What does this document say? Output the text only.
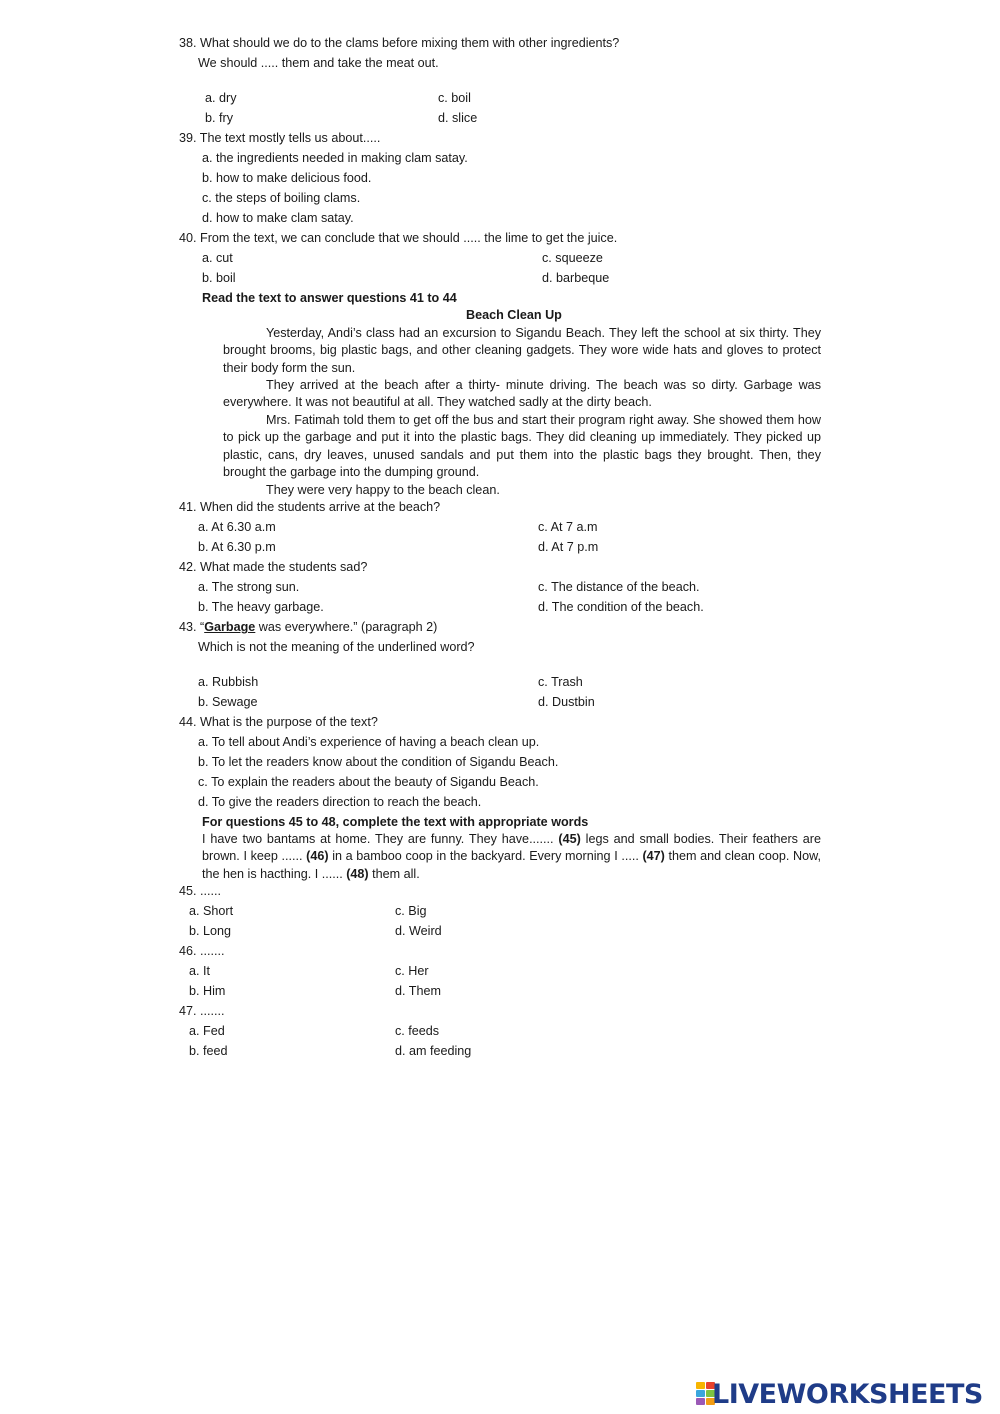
38. What should we do to the clams before mixing them with other ingredients?
We should ..... them and take the meat out.
a. dry	c. boil
b. fry	d. slice
39. The text mostly tells us about.....
a. the ingredients needed in making clam satay.
b. how to make delicious food.
c. the steps of boiling clams.
d. how to make clam satay.
40. From the text, we can conclude that we should ..... the lime to get the juice.
a. cut	c. squeeze
b. boil	d. barbeque
Read the text to answer questions 41 to 44
Beach Clean Up
Yesterday, Andi’s class had an excursion to Sigandu Beach. They left the school at six thirty. They brought brooms, big plastic bags, and other cleaning gadgets. They wore wide hats and gloves to protect their body form the sun.
They arrived at the beach after a thirty- minute driving. The beach was so dirty. Garbage was everywhere. It was not beautiful at all. They watched sadly at the dirty beach.
Mrs. Fatimah told them to get off the bus and start their program right away. She showed them how to pick up the garbage and put it into the plastic bags. They did cleaning up immediately. They picked up plastic, cans, dry leaves, unused sandals and put them into the plastic bags they brought. Then, they brought the garbage into the dumping ground.
They were very happy to the beach clean.
41. When did the students arrive at the beach?
a. At 6.30 a.m	c. At 7 a.m
b. At 6.30 p.m	d. At 7 p.m
42. What made the students sad?
a. The strong sun.	c. The distance of the beach.
b. The heavy garbage.	d. The condition of the beach.
43. “Garbage was everywhere.” (paragraph 2)
Which is not the meaning of the underlined word?
a. Rubbish	c. Trash
b. Sewage	d. Dustbin
44. What is the purpose of the text?
a. To tell about Andi’s experience of having a beach clean up.
b. To let the readers know about the condition of Sigandu Beach.
c. To explain the readers about the beauty of Sigandu Beach.
d. To give the readers direction to reach the beach.
For questions 45 to 48, complete the text with appropriate words
I have two bantams at home. They are funny. They have....... (45) legs and small bodies. Their feathers are brown. I keep ...... (46) in a bamboo coop in the backyard. Every morning I ..... (47) them and clean coop. Now, the hen is hacthing. I ...... (48) them all.
45. ......
a. Short	c. Big
b. Long	d. Weird
46. .......
a. It	c. Her
b. Him	d. Them
47. .......
a. Fed	c. feeds
b. feed	d. am feeding
LIVEWORKSHEETS
